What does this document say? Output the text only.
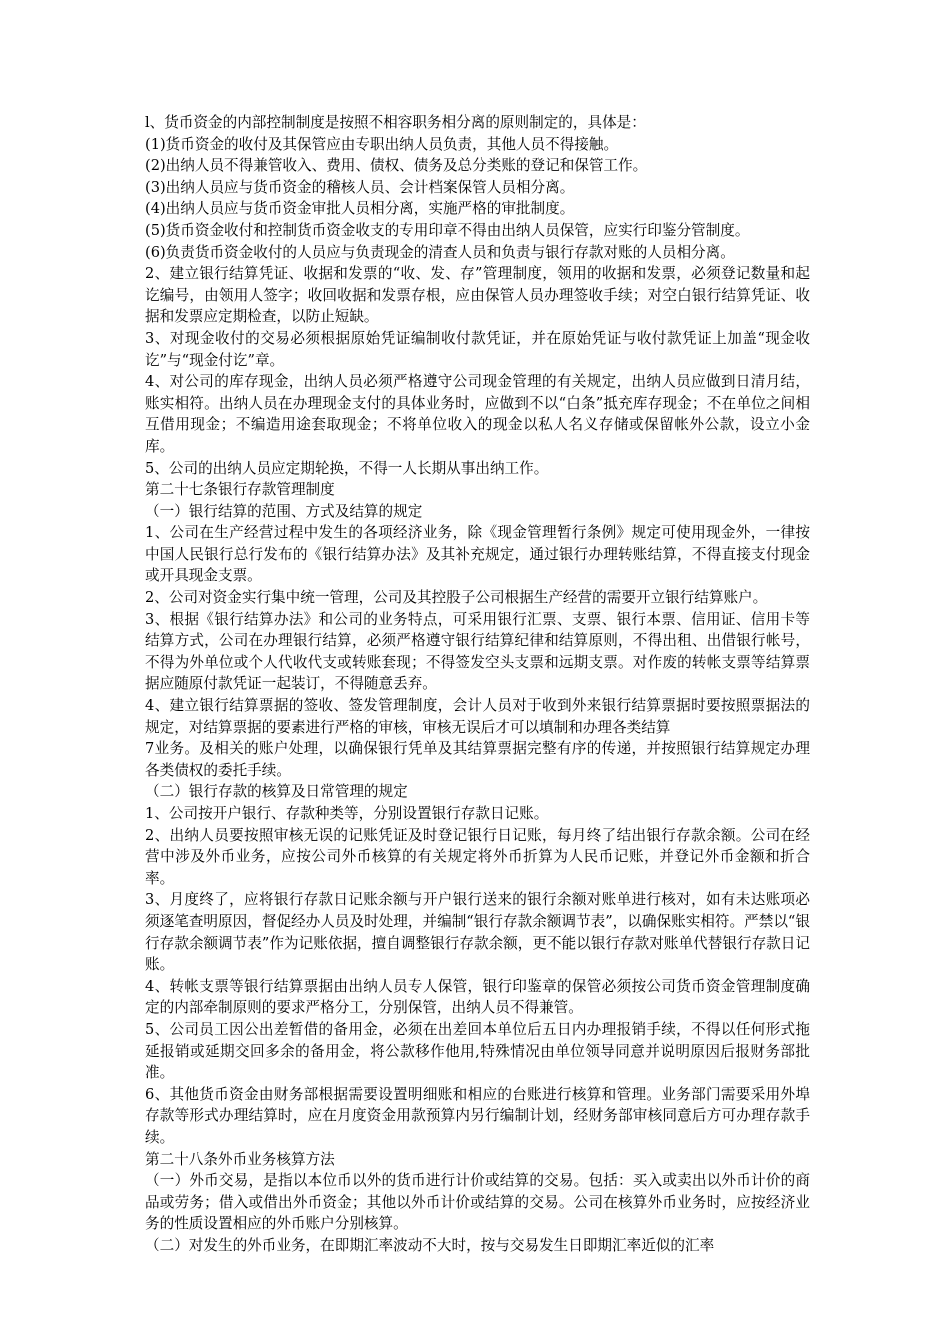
l、货币资金的内部控制制度是按照不相容职务相分离的原则制定的，具体是：

(1)货币资金的收付及其保管应由专职出纳人员负责，其他人员不得接触。

(2)出纳人员不得兼管收入、费用、债权、债务及总分类账的登记和保管工作。

(3)出纳人员应与货币资金的稽核人员、会计档案保管人员相分离。

(4)出纳人员应与货币资金审批人员相分离，实施严格的审批制度。

(5)货币资金收付和控制货币资金收支的专用印章不得由出纳人员保管，应实行印鉴分管制度。

(6)负责货币资金收付的人员应与负责现金的清查人员和负责与银行存款对账的人员相分离。

2、建立银行结算凭证、收据和发票的“收、发、存”管理制度，领用的收据和发票，必须登记数量和起讫编号，由领用人签字；收回收据和发票存根，应由保管人员办理签收手续；对空白银行结算凭证、收据和发票应定期检查，以防止短缺。

3、对现金收付的交易必须根据原始凭证编制收付款凭证，并在原始凭证与收付款凭证上加盖“现金收讫”与“现金付讫”章。

4、对公司的库存现金，出纳人员必须严格遵守公司现金管理的有关规定，出纳人员应做到日清月结，账实相符。出纳人员在办理现金支付的具体业务时，应做到不以“白条”抵充库存现金；不在单位之间相互借用现金；不编造用途套取现金；不将单位收入的现金以私人名义存储或保留帐外公款，设立小金库。

5、公司的出纳人员应定期轮换，不得一人长期从事出纳工作。

第二十七条银行存款管理制度

（一）银行结算的范围、方式及结算的规定

1、公司在生产经营过程中发生的各项经济业务，除《现金管理暂行条例》规定可使用现金外，一律按中国人民银行总行发布的《银行结算办法》及其补充规定，通过银行办理转账结算，不得直接支付现金或开具现金支票。

2、公司对资金实行集中统一管理，公司及其控股子公司根据生产经营的需要开立银行结算账户。

3、根据《银行结算办法》和公司的业务特点，可采用银行汇票、支票、银行本票、信用证、信用卡等结算方式，公司在办理银行结算，必须严格遵守银行结算纪律和结算原则，不得出租、出借银行帐号，不得为外单位或个人代收代支或转账套现；不得签发空头支票和远期支票。对作废的转帐支票等结算票据应随原付款凭证一起装订，不得随意丢弃。

4、建立银行结算票据的签收、签发管理制度，会计人员对于收到外来银行结算票据时要按照票据法的规定，对结算票据的要素进行严格的审核，审核无误后才可以填制和办理各类结算

7业务。及相关的账户处理，以确保银行凭单及其结算票据完整有序的传递，并按照银行结算规定办理各类债权的委托手续。

（二）银行存款的核算及日常管理的规定

1、公司按开户银行、存款种类等，分别设置银行存款日记账。

2、出纳人员要按照审核无误的记账凭证及时登记银行日记账，每月终了结出银行存款余额。公司在经营中涉及外币业务，应按公司外币核算的有关规定将外币折算为人民币记账，并登记外币金额和折合率。

3、月度终了，应将银行存款日记账余额与开户银行送来的银行余额对账单进行核对，如有未达账项必须逐笔查明原因，督促经办人员及时处理，并编制“银行存款余额调节表”，以确保账实相符。严禁以“银行存款余额调节表”作为记账依据，擅自调整银行存款余额，更不能以银行存款对账单代替银行存款日记账。

4、转帐支票等银行结算票据由出纳人员专人保管，银行印鉴章的保管必须按公司货币资金管理制度确定的内部牵制原则的要求严格分工，分别保管，出纳人员不得兼管。

5、公司员工因公出差暂借的备用金，必须在出差回本单位后五日内办理报销手续，不得以任何形式拖延报销或延期交回多余的备用金，将公款移作他用,特殊情况由单位领导同意并说明原因后报财务部批准。

6、其他货币资金由财务部根据需要设置明细账和相应的台账进行核算和管理。业务部门需要采用外埠存款等形式办理结算时，应在月度资金用款预算内另行编制计划，经财务部审核同意后方可办理存款手续。

第二十八条外币业务核算方法

（一）外币交易，是指以本位币以外的货币进行计价或结算的交易。包括：买入或卖出以外币计价的商品或劳务；借入或借出外币资金；其他以外币计价或结算的交易。公司在核算外币业务时，应按经济业务的性质设置相应的外币账户分别核算。

（二）对发生的外币业务，在即期汇率波动不大时，按与交易发生日即期汇率近似的汇率
